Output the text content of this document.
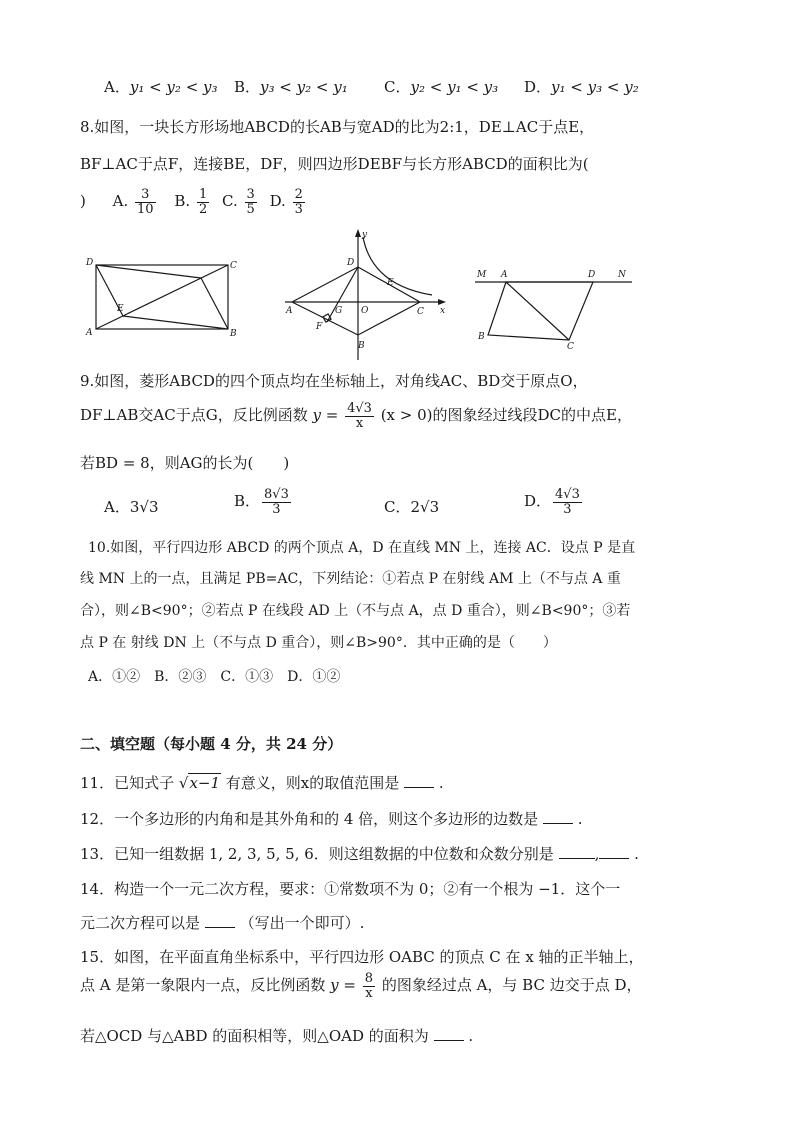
A．y₁ < y₂ < y₃ B．y₃ < y₂ < y₁ C．y₂ < y₁ < y₃ D．y₁ < y₃ < y₂
8.如图，一块长方形场地ABCD的长AB与宽AD的比为2:1，DE⊥AC于点E，
BF⊥AC于点F，连接BE，DF，则四边形DEBF与长方形ABCD的面积比为(
) A. $\frac{3}{10} B$. $\frac{1}{2} C$. $\frac{3}{5} D$. $\frac{2}{3}$
D	C
E
A	B
y
D
E
A	G O	C x
F
B
M A	D	N
B
C
9.如图，菱形ABCD的四个顶点均在坐标轴上，对角线AC、BD交于原点O，
DF⊥AB交AC于点G，反比例函数 $y = \frac{4√3}{x} (x > 0)$的图象经过线段DC的中点E，
若BD = 8，则AG的长为(　　)
A．3√3	B． $\frac{8√3}{3}$	C．2√3	D． $\frac{4√3}{3}$
10.如图，平行四边形 ABCD 的两个顶点 A，D 在直线 MN 上，连接 AC．设点 P 是直
线 MN 上的一点，且满足 PB=AC，下列结论：①若点 P 在射线 AM 上（不与点 A 重
合），则∠B<90°；②若点 P 在线段 AD 上（不与点 A，点 D 重合），则∠B<90°；③若
点 P 在 射线 DN 上（不与点 D 重合），则∠B>90°．其中正确的是（　　）
A．①②　B．②③　C．①③　D．①②
二、填空题（每小题 4 分，共 24 分）
11．已知式子 √x−1 有意义，则x的取值范围是  .
12．一个多边形的内角和是其外角和的 4 倍，则这个多边形的边数是  .
13．已知一组数据 1, 2, 3, 5, 5, 6．则这组数据的中位数和众数分别是	, .
14．构造一个一元二次方程，要求：①常数项不为 0；②有一个根为 −1．这个一
元二次方程可以是  （写出一个即可）.
15．如图，在平面直角坐标系中，平行四边形 OABC 的顶点 C 在 x 轴的正半轴上，
点 A 是第一象限内一点，反比例函数 $y = \frac{8}{x}$ 的图象经过点 A，与 BC 边交于点 D，
若△OCD 与△ABD 的面积相等，则△OAD 的面积为  .
